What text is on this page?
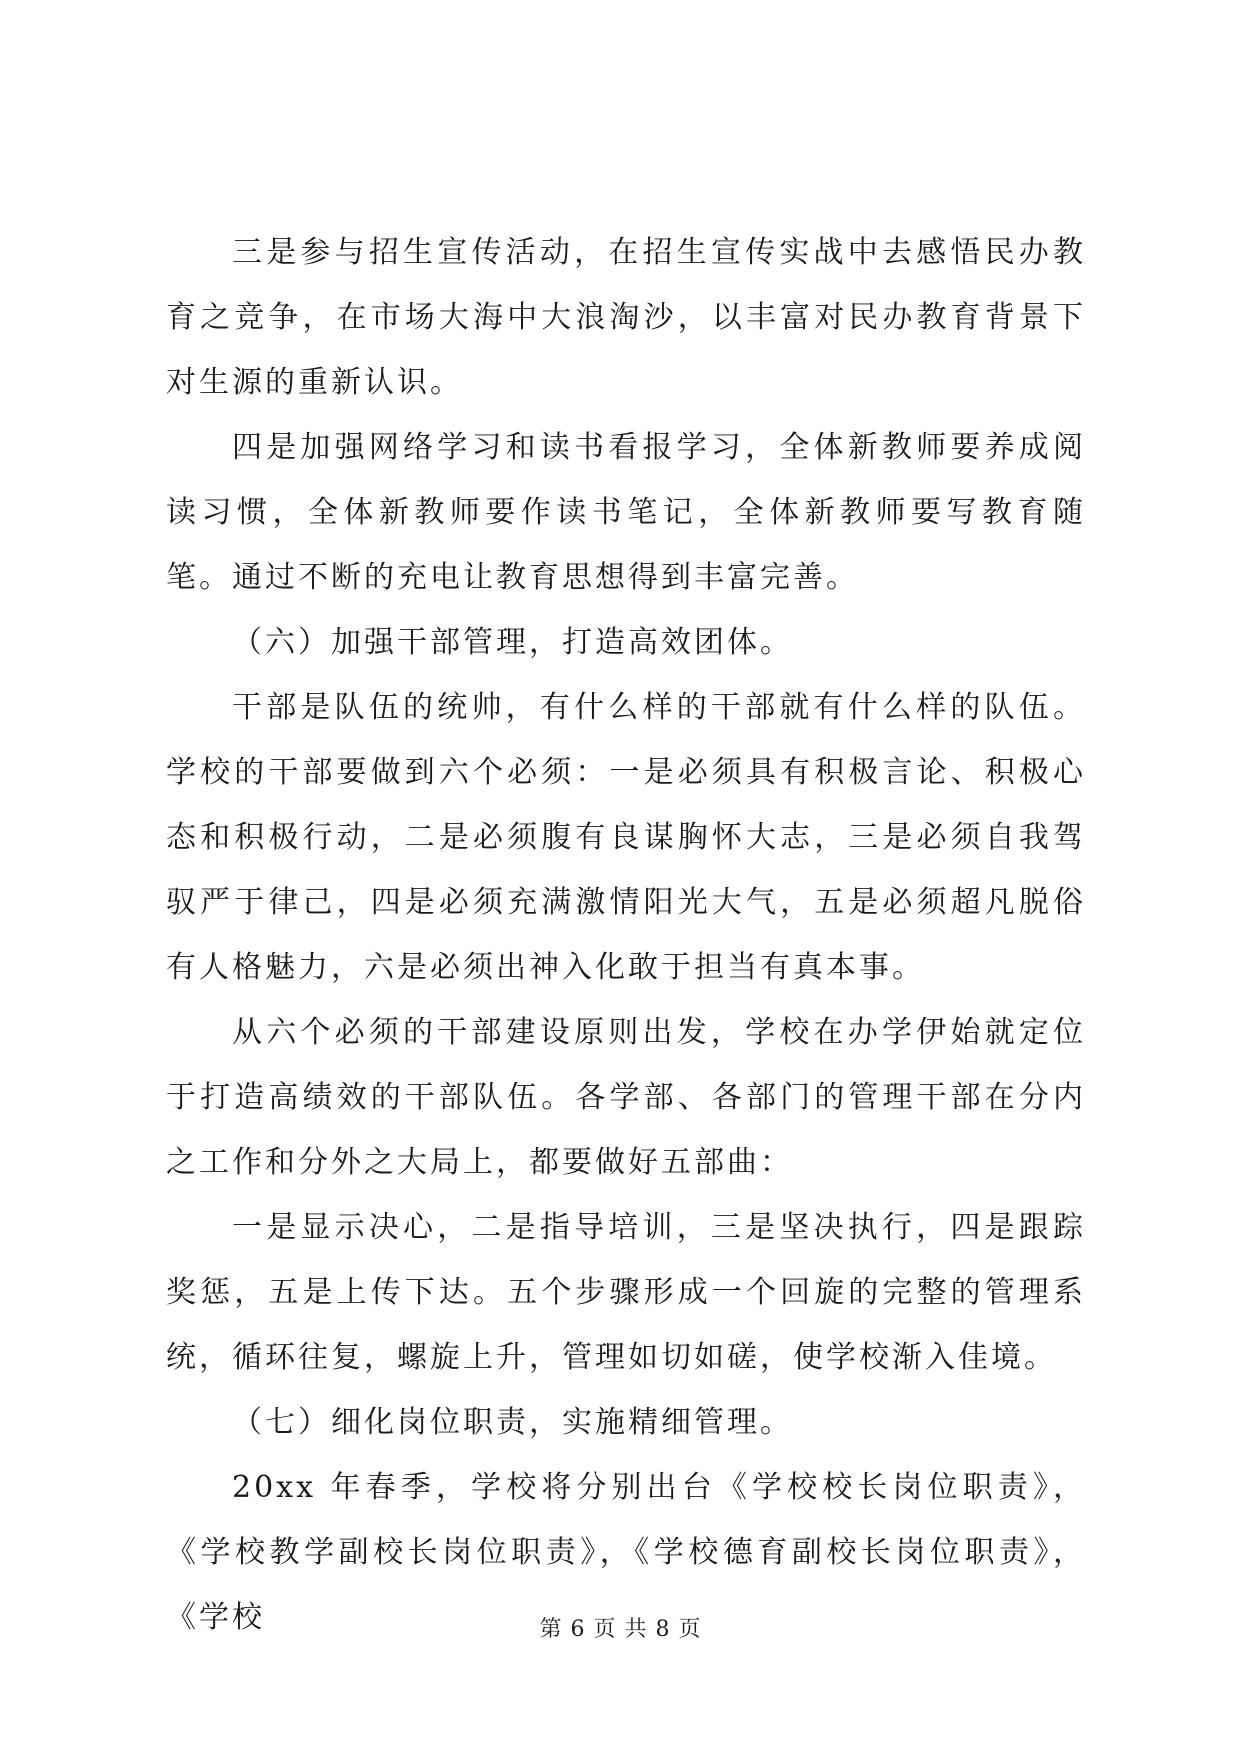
三是参与招生宣传活动，在招生宣传实战中去感悟民办教育之竞争，在市场大海中大浪淘沙，以丰富对民办教育背景下对生源的重新认识。

四是加强网络学习和读书看报学习，全体新教师要养成阅读习惯，全体新教师要作读书笔记，全体新教师要写教育随笔。通过不断的充电让教育思想得到丰富完善。

（六）加强干部管理，打造高效团体。

干部是队伍的统帅，有什么样的干部就有什么样的队伍。学校的干部要做到六个必须：一是必须具有积极言论、积极心态和积极行动，二是必须腹有良谋胸怀大志，三是必须自我驾驭严于律己，四是必须充满激情阳光大气，五是必须超凡脱俗有人格魅力，六是必须出神入化敢于担当有真本事。

从六个必须的干部建设原则出发，学校在办学伊始就定位于打造高绩效的干部队伍。各学部、各部门的管理干部在分内之工作和分外之大局上，都要做好五部曲：

一是显示决心，二是指导培训，三是坚决执行，四是跟踪奖惩，五是上传下达。五个步骤形成一个回旋的完整的管理系统，循环往复，螺旋上升，管理如切如磋，使学校渐入佳境。

（七）细化岗位职责，实施精细管理。

20xx 年春季，学校将分别出台《学校校长岗位职责》，《学校教学副校长岗位职责》，《学校德育副校长岗位职责》，《学校	第 6 页 共 8 页
